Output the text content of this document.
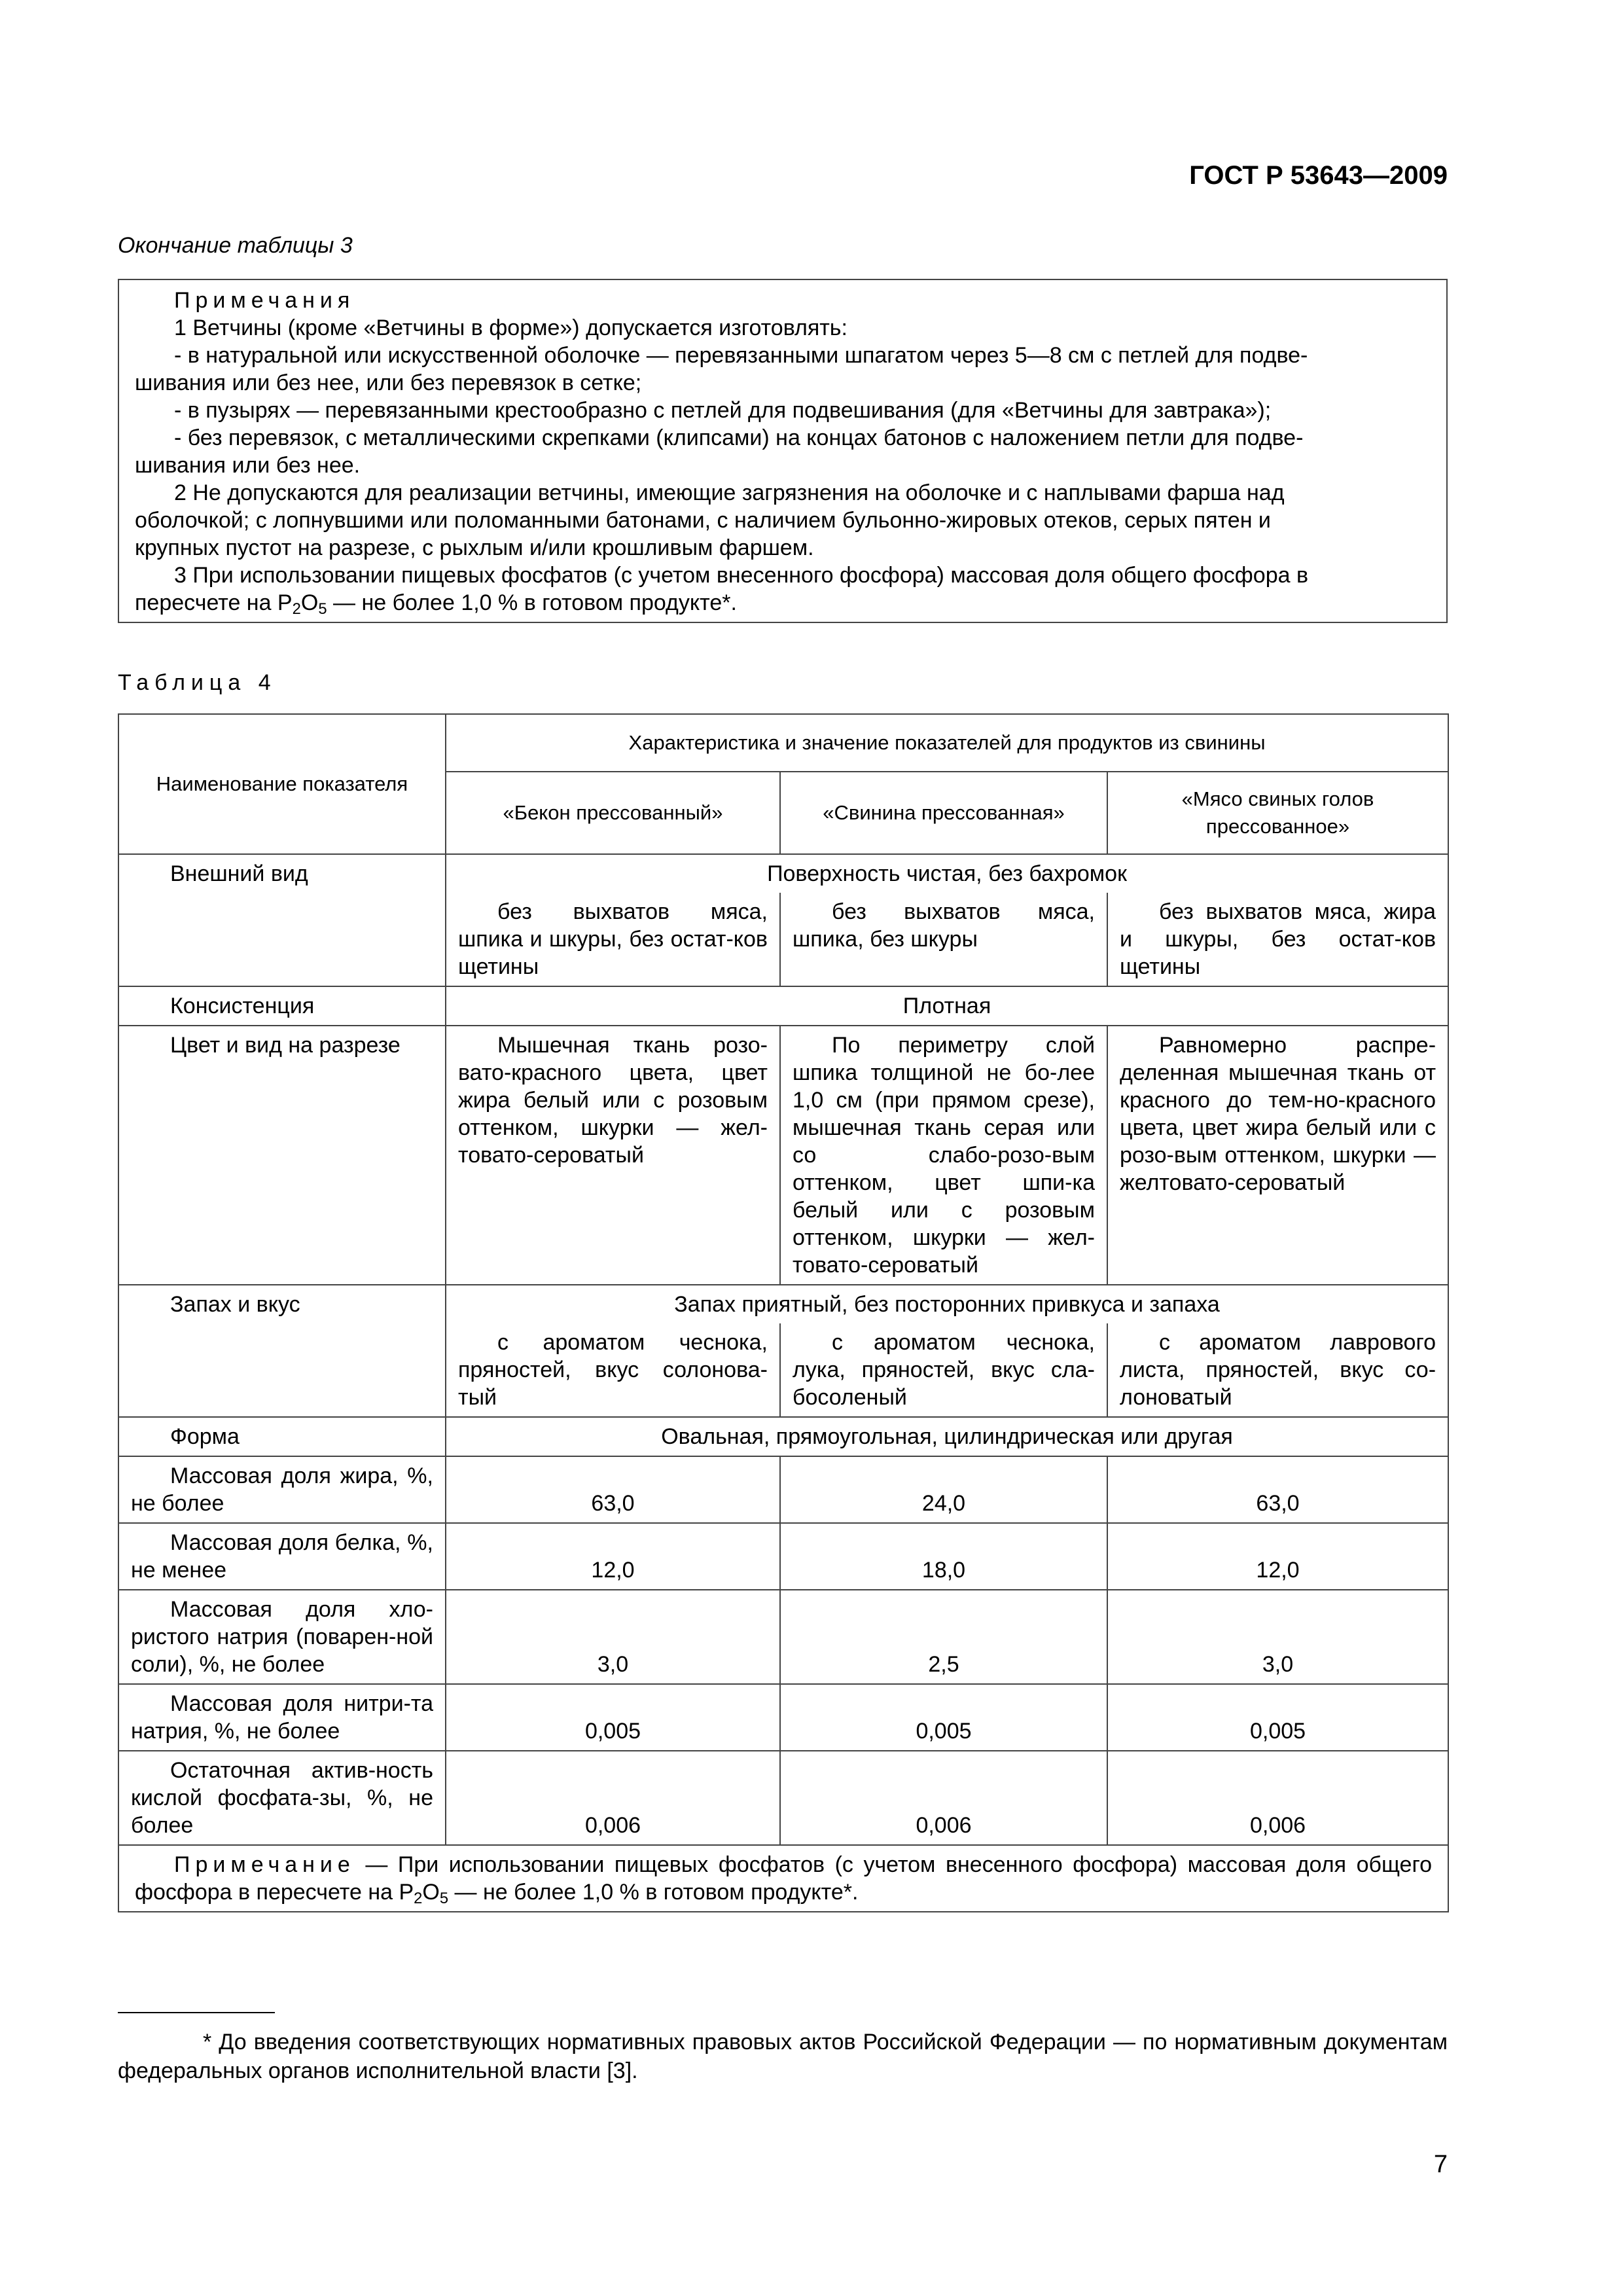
ГОСТ Р 53643—2009
Окончание таблицы 3
Примечания
1 Ветчины (кроме «Ветчины в форме») допускается изготовлять:
- в натуральной или искусственной оболочке — перевязанными шпагатом через 5—8 см с петлей для подве-
шивания или без нее, или без перевязок в сетке;
- в пузырях — перевязанными крестообразно с петлей для подвешивания (для «Ветчины для завтрака»);
- без перевязок, с металлическими скрепками (клипсами) на концах батонов с наложением петли для подве-
шивания или без нее.
2 Не допускаются для реализации ветчины, имеющие загрязнения на оболочке и с наплывами фарша над
оболочкой; с лопнувшими или поломанными батонами, с наличием бульонно-жировых отеков, серых пятен и
крупных пустот на разрезе, с рыхлым и/или крошливым фаршем.
3 При использовании пищевых фосфатов (с учетом внесенного фосфора) массовая доля общего фосфора в
пересчете на $P_2O_5$ — не более 1,0 % в готовом продукте*.
Таблица 4
Наименование показателя	Характеристика и значение показателей для продуктов из свинины		
	«Бекон прессованный»	«Свинина прессованная»	«Мясо свиных голов прессованное»
Внешний вид	Поверхность чистая, без бахромок		
	без выхватов мяса, шпика и шкуры, без остат-ков щетины	без выхватов мяса, шпика, без шкуры	без выхватов мяса, жира и шкуры, без остат-ков щетины
Консистенция	Плотная		
Цвет и вид на разрезе	Мышечная ткань розо-вато-красного цвета, цвет жира белый или с розовым оттенком, шкурки — жел-товато-сероватый	По периметру слой шпика толщиной не бо-лее 1,0 см (при прямом срезе), мышечная ткань серая или со слабо-розо-вым оттенком, цвет шпи-ка белый или с розовым оттенком, шкурки — жел-товато-сероватый	Равномерно распре-деленная мышечная ткань от красного до тем-но-красного цвета, цвет жира белый или с розо-вым оттенком, шкурки — желтовато-сероватый
Запах и вкус	Запах приятный, без посторонних привкуса и запаха		
	с ароматом чеснока, пряностей, вкус солонова-тый	с ароматом чеснока, лука, пряностей, вкус сла-босоленый	с ароматом лаврового листа, пряностей, вкус со-лоноватый
Форма	Овальная, прямоугольная, цилиндрическая или другая		
Массовая доля жира, %, не более	63,0	24,0	63,0
Массовая доля белка, %, не менее	12,0	18,0	12,0
Массовая доля хло-ристого натрия (поварен-ной соли), %, не более	3,0	2,5	3,0
Массовая доля нитри-та натрия, %, не более	0,005	0,005	0,005
Остаточная актив-ность кислой фосфата-зы, %, не более	0,006	0,006	0,006
Примечание — При использовании пищевых фосфатов (с учетом внесенного фосфора) массовая доля общего фосфора в пересчете на $P_2O_5$ — не более 1,0 % в готовом продукте*.			
* До введения соответствующих нормативных правовых актов Российской Федерации — по нормативным документам федеральных органов исполнительной власти [3].
7
